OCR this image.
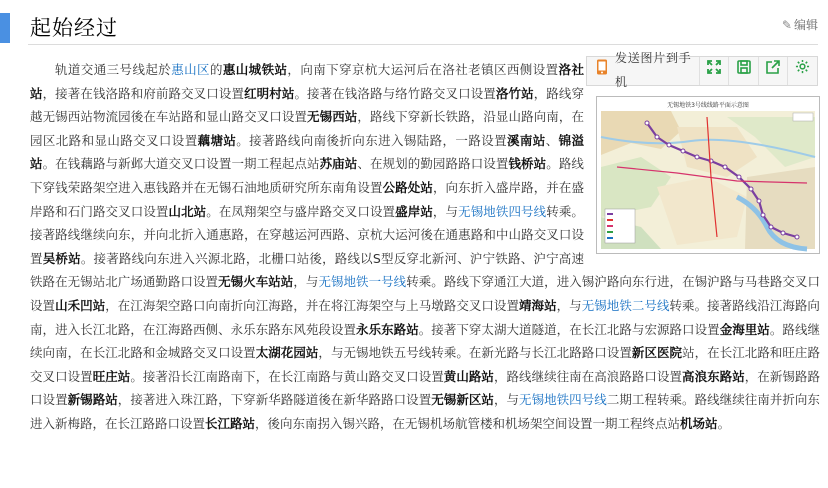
起始经过	✎ 编辑
发送图片到手机
无锡地铁3号线线路平面示意图

轨道交通三号线起於惠山区的惠山城铁站，向南下穿京杭大运河后在洛社老镇区西侧设置洛社站，接著在钱洛路和府前路交叉口设置红明村站。接著在钱洛路与络竹路交叉口设置洛竹站，路线穿越无锡西站物流园後在车站路和显山路交叉口设置无锡西站，路线下穿新长铁路，沿显山路向南，在园区北路和显山路交叉口设置藕塘站。接著路线向南後折向东进入锡陆路，一路设置溪南站、锦溢站。在钱藕路与新邺大道交叉口设置一期工程起点站苏庙站、在规划的勤园路路口设置钱桥站。路线下穿钱荣路架空进入惠钱路并在无锡石油地质研究所东南角设置公路处站，向东折入盛岸路，并在盛岸路和石门路交叉口设置山北站。在凤翔架空与盛岸路交叉口设置盛岸站，与无锡地铁四号线转乘。接著路线继续向东，并向北折入通惠路，在穿越运河西路、京杭大运河後在通惠路和中山路交叉口设置吴桥站。接著路线向东进入兴源北路，北栅口站後，路线以S型反穿北新河、沪宁铁路、沪宁高速铁路在无锡站北广场通勤路口设置无锡火车站站，与无锡地铁一号线转乘。路线下穿通江大道，进入锡沪路向东行进，在锡沪路与马巷路交叉口设置山禾凹站，在江海架空路口向南折向江海路，并在将江海架空与上马墩路交叉口设置靖海站，与无锡地铁二号线转乘。接著路线沿江海路向南，进入长江北路，在江海路西侧、永乐东路东风苑段设置永乐东路站。接著下穿太湖大道隧道，在长江北路与宏源路口设置金海里站。路线继续向南，在长江北路和金城路交叉口设置太湖花园站，与无锡地铁五号线转乘。在新光路与长江北路路口设置新区医院站，在长江北路和旺庄路交叉口设置旺庄站。接著沿长江南路南下，在长江南路与黄山路交叉口设置黄山路站，路线继续往南在高浪路路口设置高浪东路站，在新锡路路口设置新锡路站，接著进入珠江路，下穿新华路隧道後在新华路路口设置无锡新区站，与无锡地铁四号线二期工程转乘。路线继续往南并折向东进入新梅路，在长江路路口设置长江路站，後向东南拐入锡兴路，在无锡机场航管楼和机场架空间设置一期工程终点站机场站。
